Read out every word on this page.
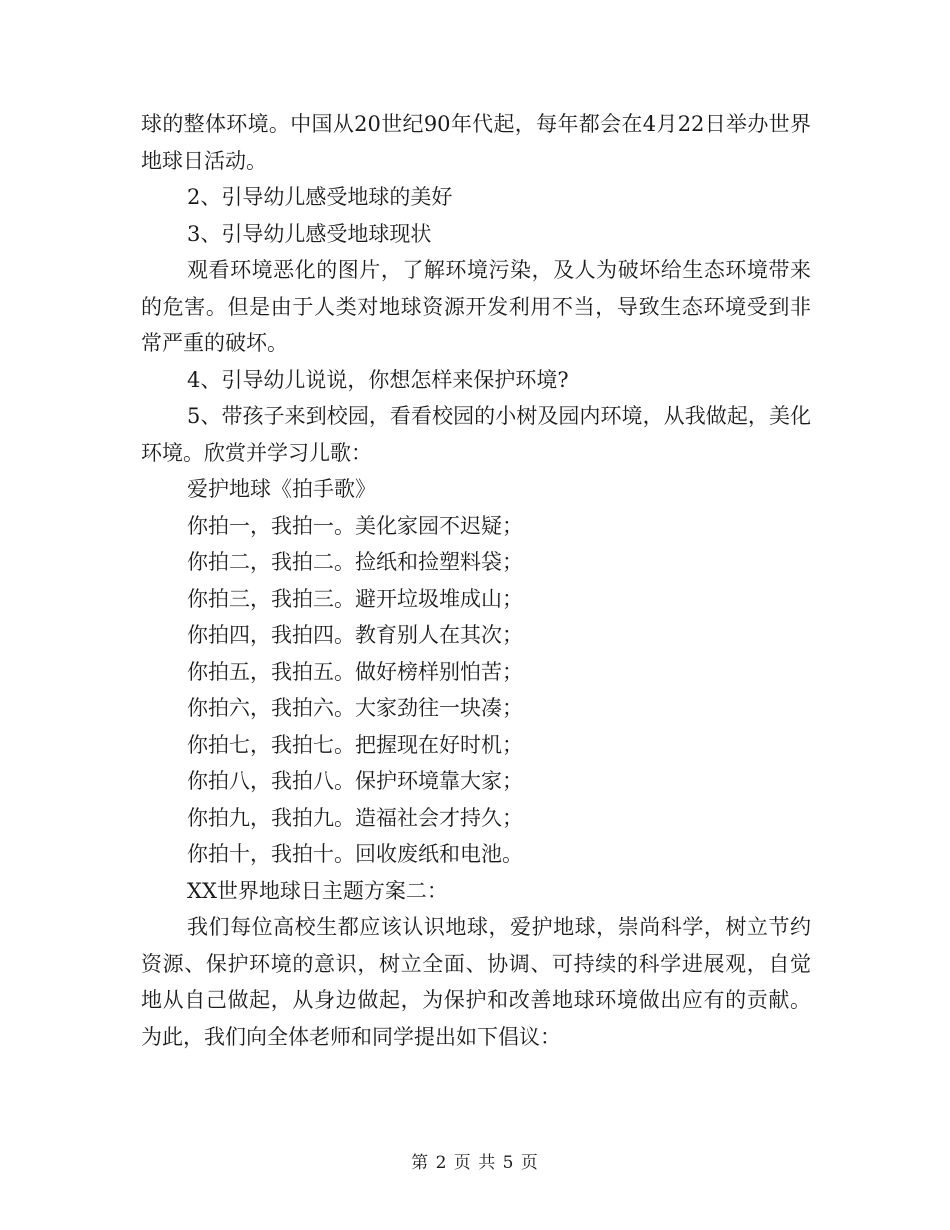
球的整体环境。中国从20世纪90年代起，每年都会在4月22日举办世界地球日活动。

2、引导幼儿感受地球的美好

3、引导幼儿感受地球现状

观看环境恶化的图片，了解环境污染，及人为破坏给生态环境带来的危害。但是由于人类对地球资源开发利用不当，导致生态环境受到非常严重的破坏。

4、引导幼儿说说，你想怎样来保护环境?

5、带孩子来到校园，看看校园的小树及园内环境，从我做起，美化环境。欣赏并学习儿歌：

爱护地球《拍手歌》

你拍一，我拍一。美化家园不迟疑；

你拍二，我拍二。捡纸和捡塑料袋；

你拍三，我拍三。避开垃圾堆成山；

你拍四，我拍四。教育别人在其次；

你拍五，我拍五。做好榜样别怕苦；

你拍六，我拍六。大家劲往一块凑；

你拍七，我拍七。把握现在好时机；

你拍八，我拍八。保护环境靠大家；

你拍九，我拍九。造福社会才持久；

你拍十，我拍十。回收废纸和电池。

XX世界地球日主题方案二：

我们每位高校生都应该认识地球，爱护地球，崇尚科学，树立节约资源、保护环境的意识，树立全面、协调、可持续的科学进展观，自觉地从自己做起，从身边做起，为保护和改善地球环境做出应有的贡献。为此，我们向全体老师和同学提出如下倡议：

第 2 页 共 5 页
